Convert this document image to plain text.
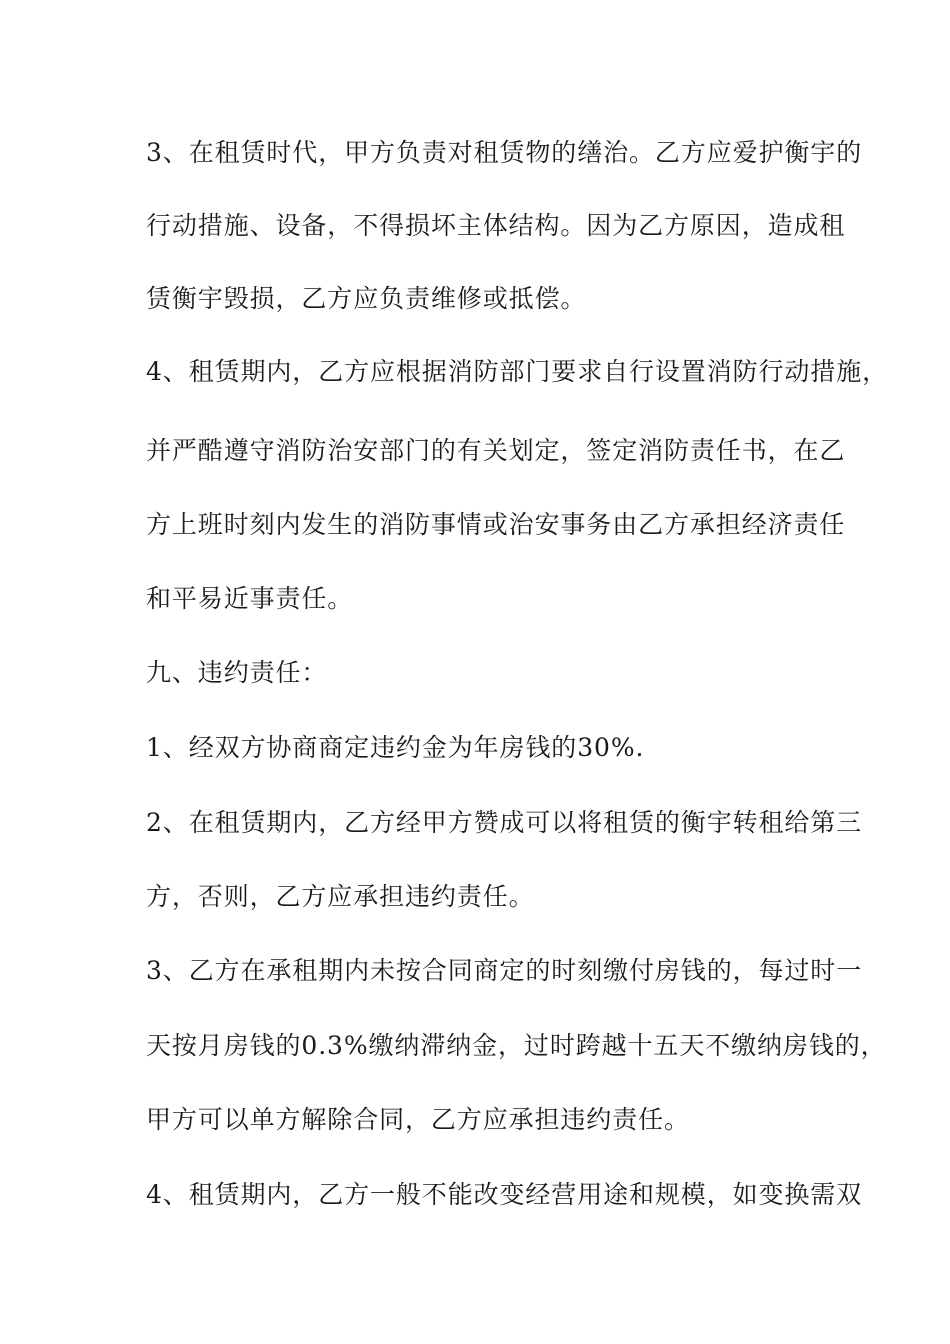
3、在租赁时代，甲方负责对租赁物的缮治。乙方应爱护衡宇的
行动措施、设备，不得损坏主体结构。因为乙方原因，造成租
赁衡宇毁损，乙方应负责维修或抵偿。
4、租赁期内，乙方应根据消防部门要求自行设置消防行动措施，
并严酷遵守消防治安部门的有关划定，签定消防责任书，在乙
方上班时刻内发生的消防事情或治安事务由乙方承担经济责任
和平易近事责任。
九、违约责任：
1、经双方协商商定违约金为年房钱的30%.
2、在租赁期内，乙方经甲方赞成可以将租赁的衡宇转租给第三
方，否则，乙方应承担违约责任。
3、乙方在承租期内未按合同商定的时刻缴付房钱的，每过时一
天按月房钱的0.3%缴纳滞纳金，过时跨越十五天不缴纳房钱的，
甲方可以单方解除合同，乙方应承担违约责任。
4、租赁期内，乙方一般不能改变经营用途和规模，如变换需双
